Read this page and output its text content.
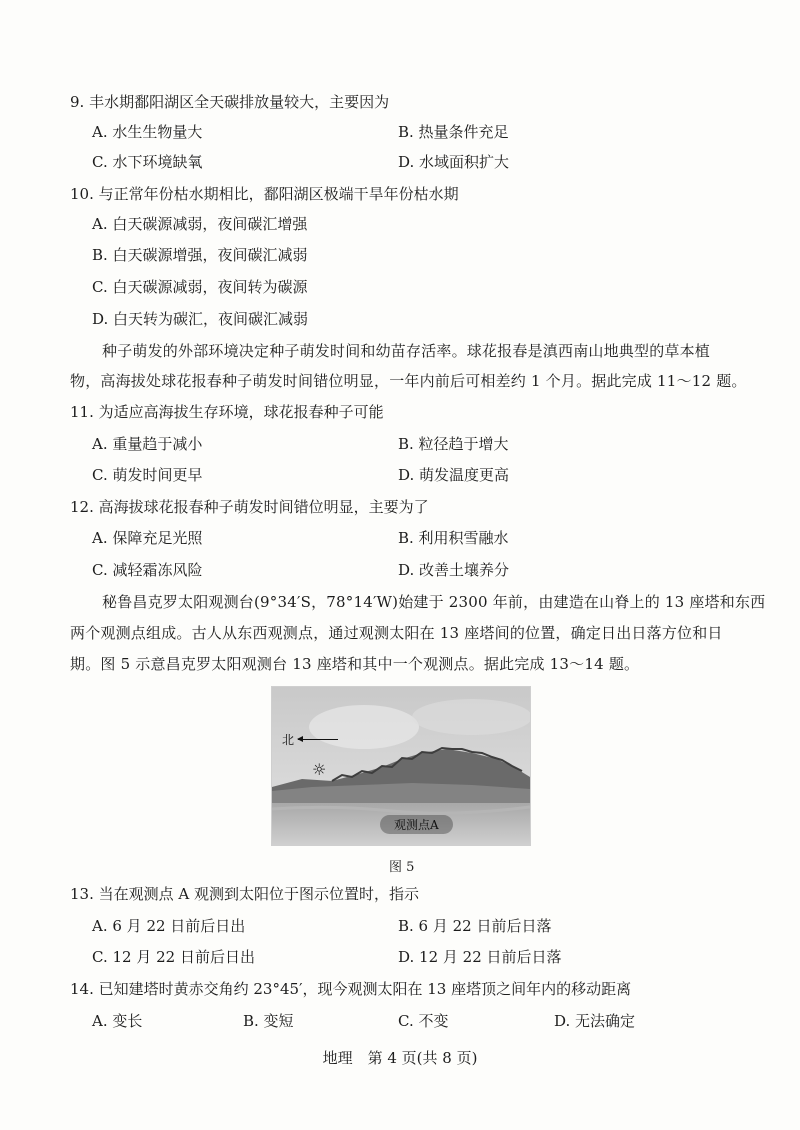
9. 丰水期鄱阳湖区全天碳排放量较大，主要因为
A. 水生生物量大	B. 热量条件充足
C. 水下环境缺氧	D. 水域面积扩大
10. 与正常年份枯水期相比，鄱阳湖区极端干旱年份枯水期
A. 白天碳源减弱，夜间碳汇增强
B. 白天碳源增强，夜间碳汇减弱
C. 白天碳源减弱，夜间转为碳源
D. 白天转为碳汇，夜间碳汇减弱
种子萌发的外部环境决定种子萌发时间和幼苗存活率。球花报春是滇西南山地典型的草本植
物，高海拔处球花报春种子萌发时间错位明显，一年内前后可相差约 1 个月。据此完成 11～12 题。
11. 为适应高海拔生存环境，球花报春种子可能
A. 重量趋于减小	B. 粒径趋于增大
C. 萌发时间更早	D. 萌发温度更高
12. 高海拔球花报春种子萌发时间错位明显，主要为了
A. 保障充足光照	B. 利用积雪融水
C. 减轻霜冻风险	D. 改善土壤养分
秘鲁昌克罗太阳观测台(9°34′S，78°14′W)始建于 2300 年前，由建造在山脊上的 13 座塔和东西
两个观测点组成。古人从东西观测点，通过观测太阳在 13 座塔间的位置，确定日出日落方位和日
期。图 5 示意昌克罗太阳观测台 13 座塔和其中一个观测点。据此完成 13～14 题。
北
☼
观测点A
图 5
13. 当在观测点 A 观测到太阳位于图示位置时，指示
A. 6 月 22 日前后日出	B. 6 月 22 日前后日落
C. 12 月 22 日前后日出	D. 12 月 22 日前后日落
14. 已知建塔时黄赤交角约 23°45′，现今观测太阳在 13 座塔顶之间年内的移动距离
A. 变长	B. 变短	C. 不变	D. 无法确定
地理　第 4 页(共 8 页)
